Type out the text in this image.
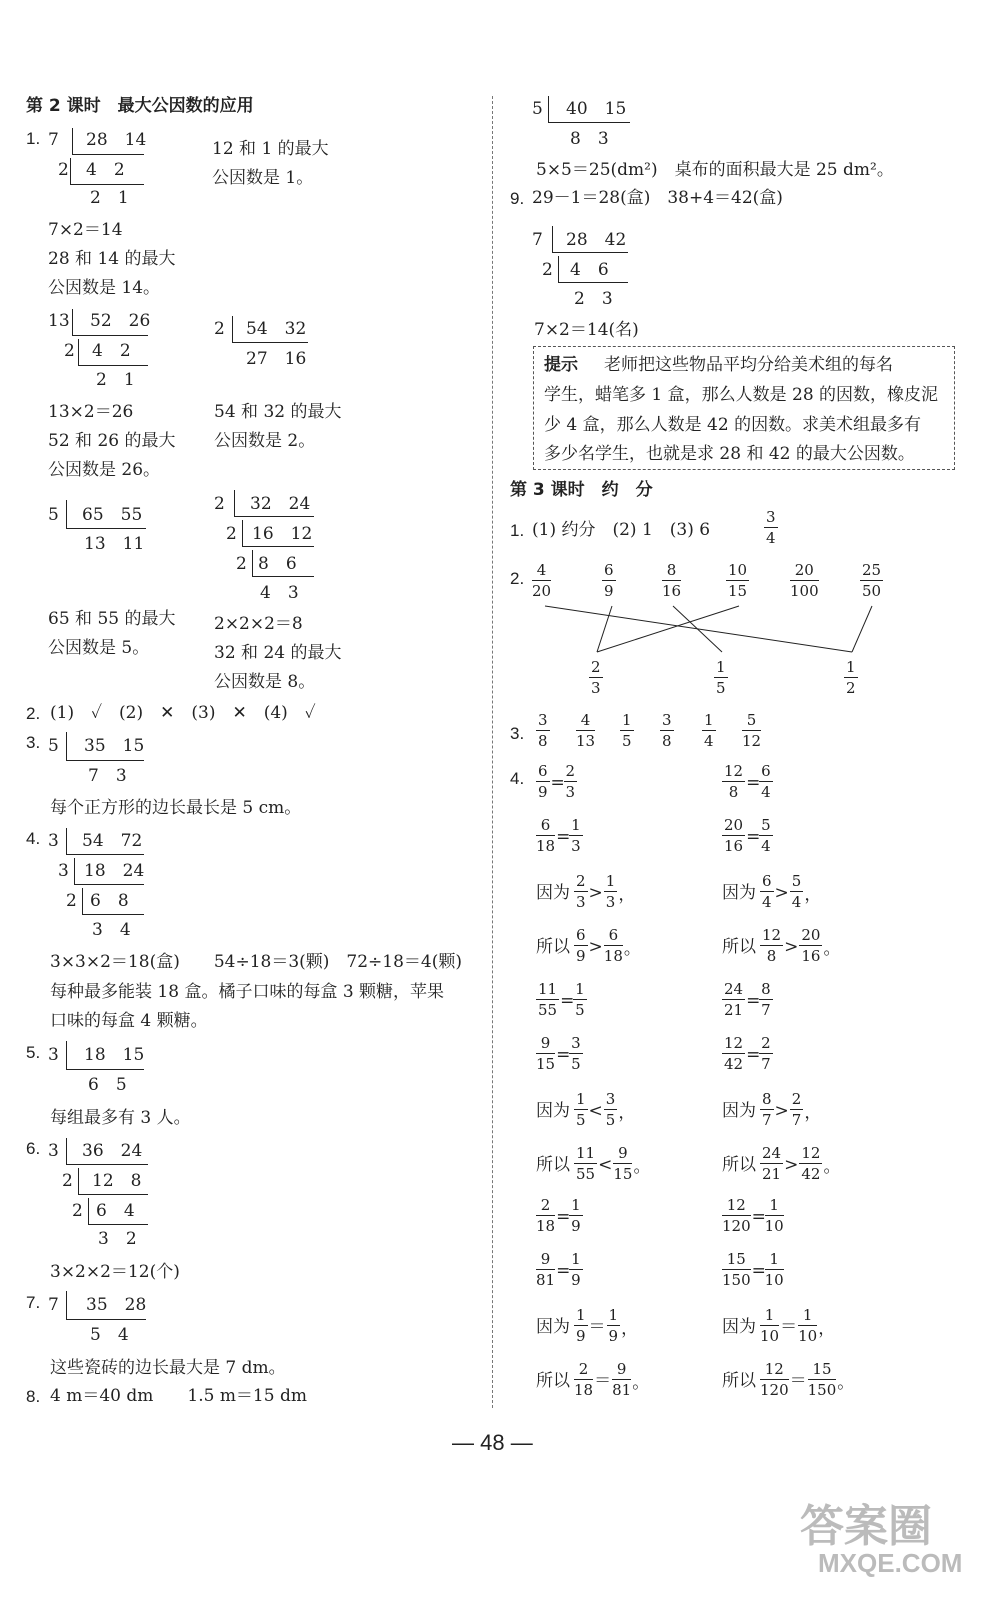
第 2 课时　最大公因数的应用
1. 7 28　14
2 4　2
2　1
12 和 1 的最大
公因数是 1。
7×2＝14
28 和 14 的最大
公因数是 14。
13 52　26
2 4　2
2　1
2 54　32
27　16
13×2＝26	54 和 32 的最大
公因数是 2。
52 和 26 的最大
公因数是 26。
5 65　55
13　11
2 32　24
2 16　12
2 8　6
4　3
65 和 55 的最大
公因数是 5。
2×2×2＝8
32 和 24 的最大
公因数是 8。
2. (1)　✓　(2)　✕　(3)　✕　(4)　✓
3. 5 35　15
7　3
每个正方形的边长最长是 5 cm。
4. 3 54　72
3 18　24
2 6　8
3　4
3×3×2＝18(盒)　　54÷18＝3(颗)　72÷18＝4(颗)
每种最多能装 18 盒。橘子口味的每盒 3 颗糖，苹果
口味的每盒 4 颗糖。
5. 3 18　15
6　5
每组最多有 3 人。
6. 3 36　24
2 12　8
2 6　4
3　2
3×2×2＝12(个)
7. 7 35　28
5　4
这些瓷砖的边长最大是 7 dm。
8. 4 m＝40 dm　　1.5 m＝15 dm
5 40　15
8　3
5×5＝25(dm²)　桌布的面积最大是 25 dm²。
9. 29－1＝28(盒)　38+4＝42(盒)
7 28　42
2 4　6
2　3
7×2＝14(名)
提示 老师把这些物品平均分给美术组的每名
学生，蜡笔多 1 盒，那么人数是 28 的因数，橡皮泥
少 4 盒，那么人数是 42 的因数。求美术组最多有
多少名学生，也就是求 28 和 42 的最大公因数。
第 3 课时　约　分
1. (1) 约分　(2) 1　(3) 6	$\frac{3}{4}$
2. $\frac{4}{20}$	$\frac{6}{9}$	$\frac{8}{16}$	$\frac{10}{15}$	$\frac{20}{100}$	$\frac{25}{50}$
$\frac{2}{3}$	$\frac{1}{5}$	$\frac{1}{2}$
3. $\frac{3}{8} \frac{4}{13} \frac{1}{5} \frac{3}{8} \frac{1}{4} \frac{5}{12}$
4. $\frac{6}{9}$ =
$\frac{2}{3}$
$\frac{6}{18}$ =
$\frac{1}{3}$
因为 $\frac{2}{3} > \frac{1}{3}$ ，
所以 $\frac{6}{9} > \frac{6}{18}$ 。
$\frac{12}{8}$ =
$\frac{6}{4}$
$\frac{20}{16}$ =
$\frac{5}{4}$
因为 $\frac{6}{4} > \frac{5}{4}$ ，
所以 $\frac{12}{8} > \frac{20}{16}$ 。
$\frac{11}{55}$ =
$\frac{1}{5}$
$\frac{9}{15}$ =
$\frac{3}{5}$
因为 $\frac{1}{5} < \frac{3}{5}$ ，
所以 $\frac{11}{55} < \frac{9}{15}$ 。
$\frac{24}{21}$ =
$\frac{8}{7}$
$\frac{12}{42}$ =
$\frac{2}{7}$
因为 $\frac{8}{7} > \frac{2}{7}$ ，
所以 $\frac{24}{21} > \frac{12}{42}$ 。
$\frac{2}{18}$ =
$\frac{1}{9}$
$\frac{9}{81}$ =
$\frac{1}{9}$
因为 $\frac{1}{9} = \frac{1}{9}$ ，
所以 $\frac{2}{18} = \frac{9}{81}$ 。
$\frac{12}{120}$ =
$\frac{1}{10}$
$\frac{15}{150}$ =
$\frac{1}{10}$
因为 $\frac{1}{10} = \frac{1}{10}$ ，
所以 $\frac{12}{120} = \frac{15}{150}$ 。
— 48 —
答案圈
MXQE.COM
